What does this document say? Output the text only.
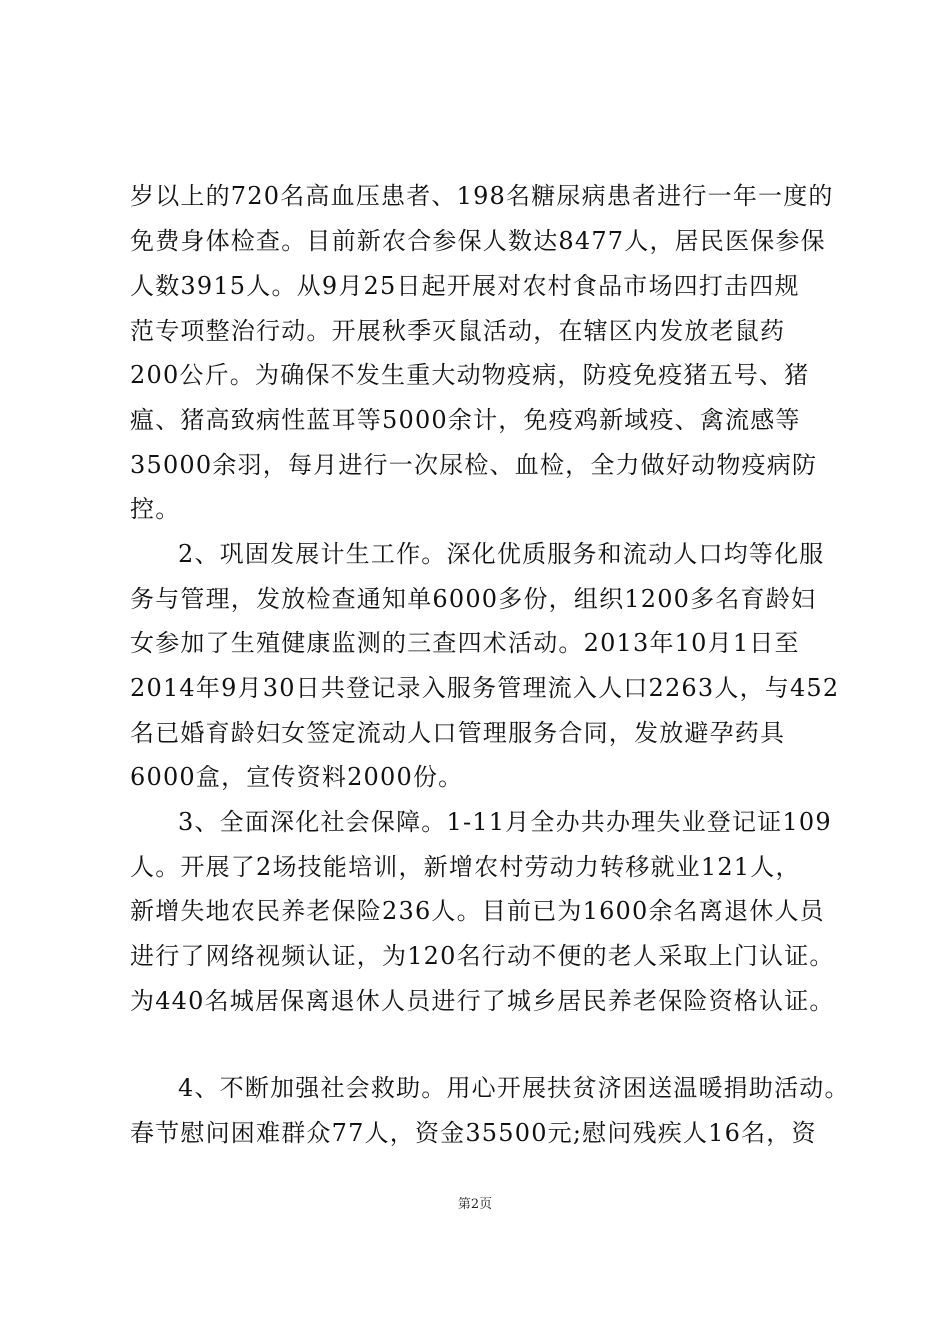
岁以上的720名高血压患者、198名糖尿病患者进行一年一度的
免费身体检查。目前新农合参保人数达8477人，居民医保参保
人数3915人。从9月25日起开展对农村食品市场四打击四规
范专项整治行动。开展秋季灭鼠活动，在辖区内发放老鼠药
200公斤。为确保不发生重大动物疫病，防疫免疫猪五号、猪
瘟、猪高致病性蓝耳等5000余计，免疫鸡新域疫、禽流感等
35000余羽，每月进行一次尿检、血检，全力做好动物疫病防
控。
2、巩固发展计生工作。深化优质服务和流动人口均等化服
务与管理，发放检查通知单6000多份，组织1200多名育龄妇
女参加了生殖健康监测的三查四术活动。2013年10月1日至
2014年9月30日共登记录入服务管理流入人口2263人，与452
名已婚育龄妇女签定流动人口管理服务合同，发放避孕药具
6000盒，宣传资料2000份。
3、全面深化社会保障。1-11月全办共办理失业登记证109
人。开展了2场技能培训，新增农村劳动力转移就业121人，
新增失地农民养老保险236人。目前已为1600余名离退休人员
进行了网络视频认证，为120名行动不便的老人采取上门认证。
为440名城居保离退休人员进行了城乡居民养老保险资格认证。
4、不断加强社会救助。用心开展扶贫济困送温暖捐助活动。
春节慰问困难群众77人，资金35500元;慰问残疾人16名，资
第2页
